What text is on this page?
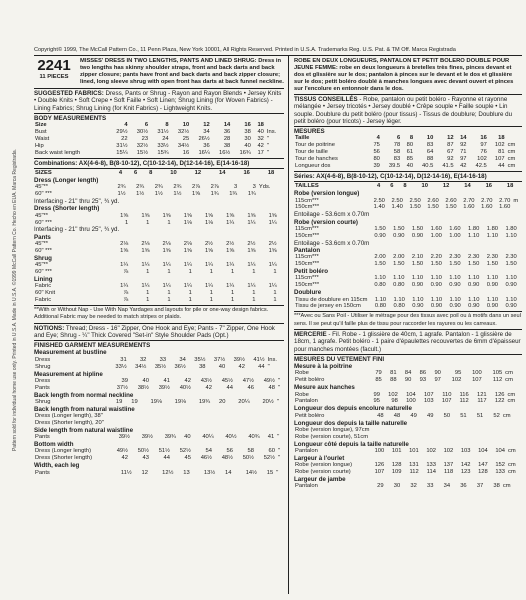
Pattern sold for individual home use only. Printed in U.S.A. Made in U.S.A. ©1999 McCall Pattern Co. Hecho en EUA. Marca Registrada.
Copyright© 1999, The McCall Pattern Co., 11 Penn Plaza, New York 10001, All Rights Reserved. Printed in U.S.A. Trademarks Reg. U.S. Pat. & TM Off. Marca Registrada
2241
11 PIECES
MISSES' DRESS IN TWO LENGTHS, PANTS AND LINED SHRUG: Dress in two lengths has skinny shoulder straps, front and back darts and back zipper closure; pants have front and back darts and back zipper closure; lined, long sleeve shrug with open front has darts at back funnel neckline.
SUGGESTED FABRICS: Dress, Pants or Shrug - Rayon and Rayon Blends • Jersey Knits • Double Knits • Soft Crepe • Soft Faille • Soft Linen; Shrug Lining (for Woven Fabrics) - Lining Fabrics; Shrug Lining (for Knit Fabrics) - Lightweight Knits.
BODY MEASUREMENTS
Size	4	6	8	10	12	14	16	18	
Bust	29½	30½	31½	32½	34	36	38	40	Ins.
Waist	22	23	24	25	26½	28	30	32	"
Hip	31½	32½	33½	34½	36	38	40	42	"
Back waist length	15¼	15½	15¾	16	16¼	16½	16¾	17	"
Combinations: AX(4-6-8), B(8-10-12), C(10-12-14), D(12-14-16), E(14-16-18)
SIZES	4	6	8	10	12	14	16	18	
Dress (Longer length)
45"**	2¾	2¾	2¾	2¾	2⅞	2⅞	3	3	Yds.
60" ***	1½	1½	1½	1½	1⅝	1¾	1¾	1¾	
Interfacing - 21" thru 25", ¾ yd.
Dress (Shorter length)
45"**	1⅝	1⅝	1⅝	1⅝	1⅝	1⅝	1⅝	1⅝	
60" ***	1	1	1	1⅛	1⅛	1¼	1¼	1¼	
Interfacing - 21" thru 25", ¾ yd.
Pants
45"**	2⅛	2⅛	2⅛	2⅛	2½	2½	2½	2½	
60" ***	1⅝	1⅝	1⅝	1⅝	1⅝	1⅝	1⅝	1⅝	
Shrug
45"**	1¼	1¼	1¼	1¼	1¼	1¼	1¼	1¼	
60" ***	⅞	1	1	1	1	1	1	1	
Lining
Fabric	1¼	1¼	1¼	1¼	1¼	1¼	1¼	1¼	
60" Knit	⅞	1	1	1	1	1	1	1	
Fabric	⅞	1	1	1	1	1	1	1	
**With or Without Nap - Use With Nap Yardages and layouts for pile or one-way design fabrics. Additional Fabric may be needed to match stripes or plaids.
NOTIONS: Thread; Dress - 16" Zipper, One Hook and Eye; Pants - 7" Zipper, One Hook and Eye; Shrug - ¼" Thick Covered "Set-in" Style Shoulder Pads (Opt.)
FINISHED GARMENT MEASUREMENTS
Measurement at bustline
Dress	31	32	33	34	35½	37½	39½	41½	Ins.
Shrug	33½	34½	35½	36½	38	40	42	44	"
Measurement at hipline
Dress	39	40	41	42	43½	45½	47½	49½	"
Pants	37½	38½	39½	40½	42	44	46	48	"
Back length from normal neckline
Shrug	19	19	19⅛	19⅛	19¾	20	20¼	20½	"
Back length from natural waistline
Dress (Longer length), 38"		
Dress (Shorter length), 20"		
Side length from natural waistline
Pants	39½	39½	39¾	40	40¼	40½	40¾	41	"
Bottom width
Dress (Longer length)	49½	50½	51½	52½	54	56	58	60	"
Dress (Shorter length)	42	43	44	45	46½	48½	50½	52½	"
Width, each leg
Pants	11½	12	12½	13	13½	14	14½	15	"
ROBE EN DEUX LONGUEURS, PANTALON ET PETIT BOLERO DOUBLE POUR JEUNE FEMME: robe en deux longueurs à bretelles très fines, pinces devant et dos et glissière sur le dos; pantalon à pinces sur le devant et le dos et glissière sur le dos; petit boléro doublé à manches longues avec devant ouvert et pinces sur l'encolure en entonnoir dans le dos.
TISSUS CONSEILLÉS - Robe, pantalon ou petit boléro - Rayonne et rayonne mélangée • Jersey tricotés • Jersey doublé • Crêpe souple • Faille souple • Lin souple. Doublure du petit boléro (pour tissus) - Tissus de doublure; Doublure du petit boléro (pour tricots) - Jersey léger.
MESURES
Taille	4	6	8	10	12	14	16	18	
Tour de poitrine	75	78	80	83	87	92	97	102	cm
Tour de taille	56	58	61	64	67	71	76	81	cm
Tour de hanches	80	83	85	88	92	97	102	107	cm
Longueur dos	39	39.5	40	40.5	41.5	42	42.5	44	cm
Séries: AX(4-6-8), B(8-10-12), C(10-12-14), D(12-14-16), E(14-16-18)
TAILLES	4	6	8	10	12	14	16	18	
Robe (version longue)
115cm***	2.50	2.50	2.50	2.60	2.60	2.70	2.70	2.70	m
150cm***	1.40	1.40	1.50	1.50	1.50	1.60	1.60	1.60	
Entoilage - 53.6cm x 0.70m
Robe (version courte)
115cm***	1.50	1.50	1.50	1.60	1.60	1.80	1.80	1.80	
150cm***	0.90	0.90	0.90	1.00	1.00	1.10	1.10	1.10	
Entoilage - 53.6cm x 0.70m
Pantalon
115cm***	2.00	2.00	2.10	2.20	2.30	2.30	2.30	2.30	
150cm***	1.50	1.50	1.50	1.50	1.50	1.50	1.50	1.50	
Petit boléro
115cm***	1.10	1.10	1.10	1.10	1.10	1.10	1.10	1.10	
150cm***	0.80	0.80	0.90	0.90	0.90	0.90	0.90	0.90	
Doublure
Tissu de doublure en 115cm	1.10	1.10	1.10	1.10	1.10	1.10	1.10	1.10	
Tissu de jersey en 150cm	0.80	0.80	0.90	0.90	0.90	0.90	0.90	0.90	
***Avec ou Sans Poil - Utiliser le métrage pour des tissus avec poil ou à motifs dans un seul sens. Il se peut qu'il faille plus de tissu pour raccorder les rayures ou les carreaux.
MERCERIE - Fil. Robe - 1 glissière de 40cm, 1 agrafe. Pantalon - 1 glissière de 18cm, 1 agrafe. Petit boléro - 1 paire d'épaulettes recouvertes de 6mm d'épaisseur pour manches montées (facult.)
MESURES DU VETEMENT FINI
Mesure à la poitrine
Robe	79	81	84	86	90	95	100	105	cm
Petit boléro	85	88	90	93	97	102	107	112	cm
Mesure aux hanches
Robe	99	102	104	107	110	116	121	126	cm
Pantalon	95	98	100	103	107	112	117	122	cm
Longueur dos depuis encolure naturelle
Petit boléro	48	48	49	49	50	51	51	52	cm
Longueur dos depuis la taille naturelle
Robe (version longue), 97cm		
Robe (version courte), 51cm		
Longueur côté depuis la taille naturelle
Pantalon	100	101	101	102	102	103	104	104	cm
Largeur à l'ourlet
Robe (version longue)	126	128	131	133	137	142	147	152	cm
Robe (version courte)	107	109	112	114	118	123	128	133	cm
Largeur de jambe
Pantalon	29	30	32	33	34	36	37	38	cm
